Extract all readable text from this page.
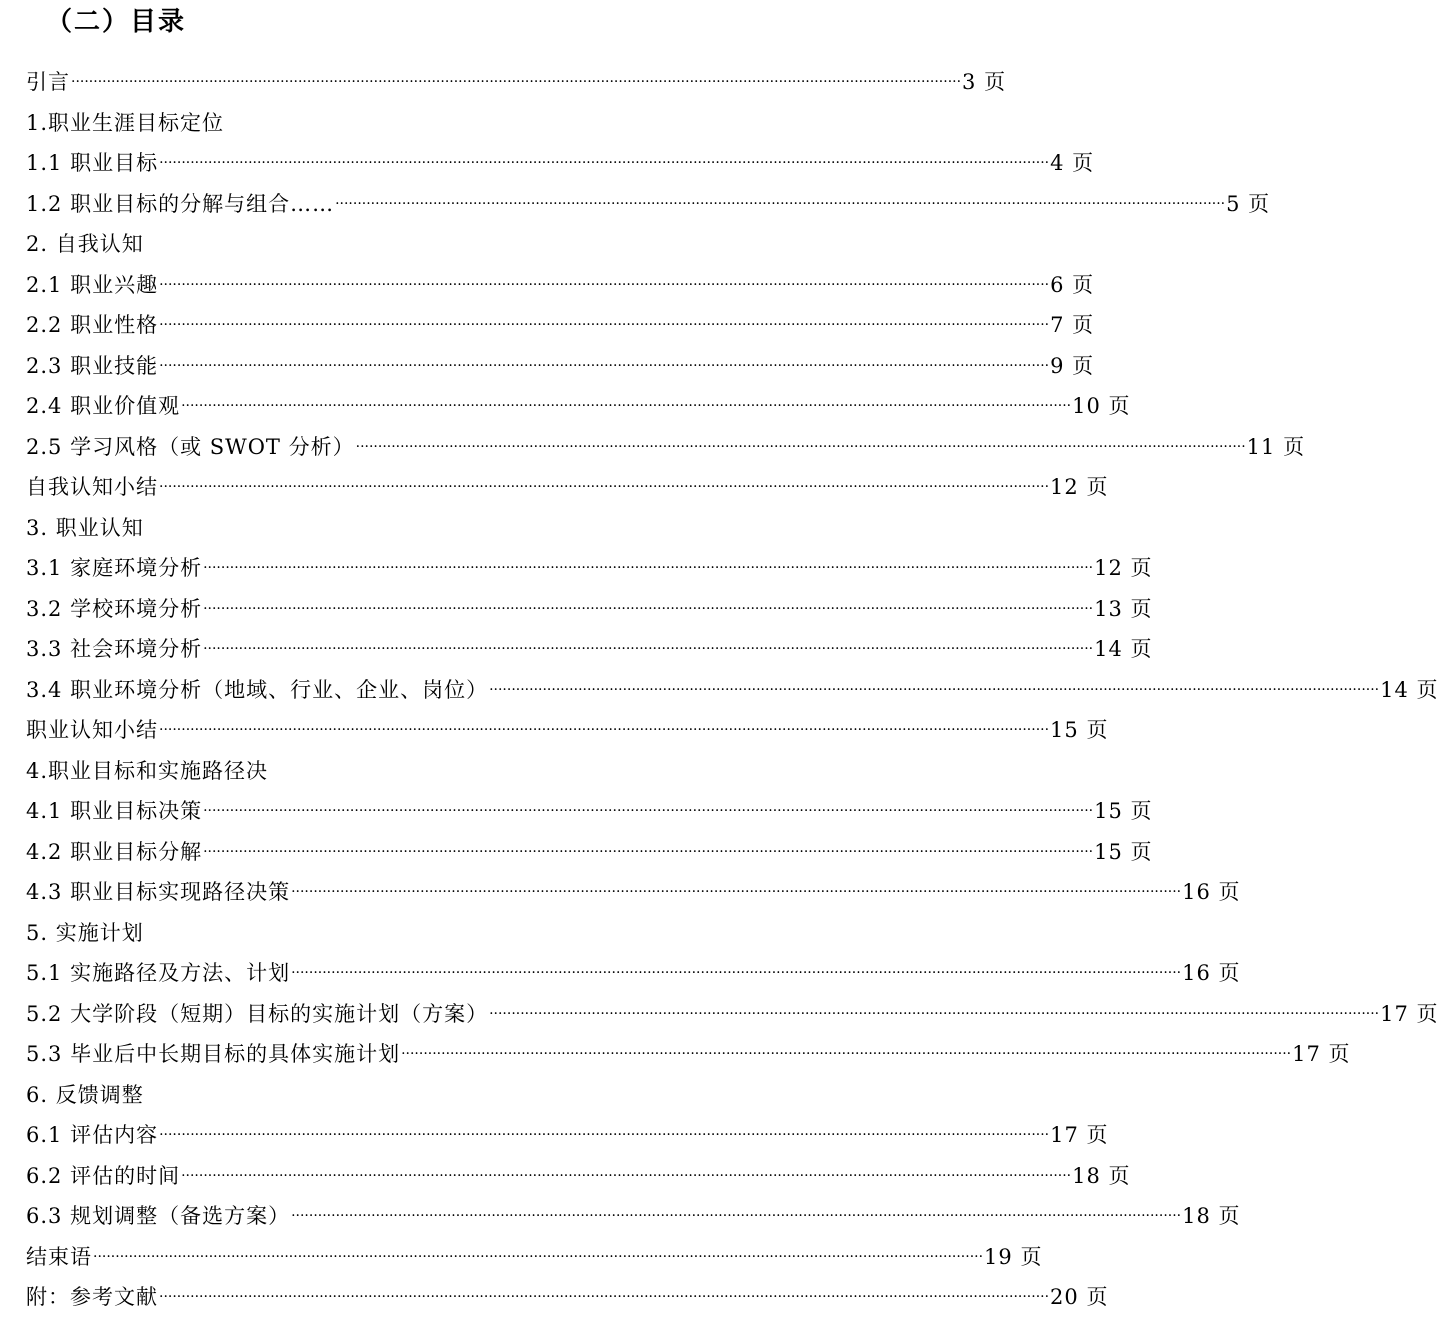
（二）目录
引言 ········································································································································································································ 3 页
1.职业生涯目标定位
1.1 职业目标 ········································································································································································································ 4 页
1.2 职业目标的分解与组合…… ········································································································································································································ 5 页
2. 自我认知
2.1 职业兴趣 ········································································································································································································ 6 页
2.2 职业性格 ········································································································································································································ 7 页
2.3 职业技能 ········································································································································································································ 9 页
2.4 职业价值观 ········································································································································································································ 10 页
2.5 学习风格（或 SWOT 分析） ········································································································································································································ 11 页
自我认知小结 ········································································································································································································ 12 页
3. 职业认知
3.1 家庭环境分析 ········································································································································································································ 12 页
3.2 学校环境分析 ········································································································································································································ 13 页
3.3 社会环境分析 ········································································································································································································ 14 页
3.4 职业环境分析（地域、行业、企业、岗位） ········································································································································································································ 14 页
职业认知小结 ········································································································································································································ 15 页
4.职业目标和实施路径决
4.1 职业目标决策 ········································································································································································································ 15 页
4.2 职业目标分解 ········································································································································································································ 15 页
4.3 职业目标实现路径决策 ········································································································································································································ 16 页
5. 实施计划
5.1 实施路径及方法、计划 ········································································································································································································ 16 页
5.2 大学阶段（短期）目标的实施计划（方案） ········································································································································································································ 17 页
5.3 毕业后中长期目标的具体实施计划 ········································································································································································································ 17 页
6. 反馈调整
6.1 评估内容 ········································································································································································································ 17 页
6.2 评估的时间 ········································································································································································································ 18 页
6.3 规划调整（备选方案） ········································································································································································································ 18 页
结束语 ········································································································································································································ 19 页
附：参考文献 ········································································································································································································ 20 页
